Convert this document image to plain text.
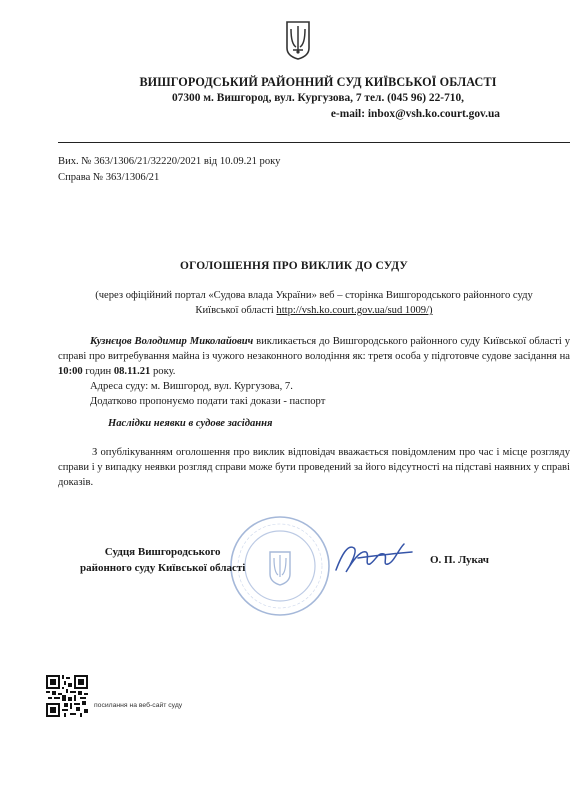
ВИШГОРОДСЬКИЙ РАЙОННИЙ СУД КИЇВСЬКОЇ ОБЛАСТІ
07300 м. Вишгород, вул. Кургузова, 7 тел. (045 96) 22-710,
e-mail: inbox@vsh.ko.court.gov.ua
Вих. № 363/1306/21/32220/2021 від 10.09.21 року
Справа № 363/1306/21
ОГОЛОШЕННЯ ПРО ВИКЛИК ДО СУДУ
(через офіційний портал «Судова влада України» веб – сторінка Вишгородського районного суду
Київської області http://vsh.ko.court.gov.ua/sud 1009/)
Кузнєцов Володимир Миколайович викликається до Вишгородського районного суду Київської області у справі про витребування майна із чужого незаконного володіння як: третя особа у підготовче судове засідання на 10:00 годин 08.11.21 року.
Адреса суду: м. Вишгород, вул. Кургузова, 7.
Додатково пропонуємо подати такі докази - паспорт
Наслідки неявки в судове засідання
З опублікуванням оголошення про виклик відповідач вважається повідомленим про час і місце розгляду справи і у випадку неявки розгляд справи може бути проведений за його відсутності на підставі наявних у справі доказів.
Судця Вишгородського
районного суду Київської області
О. П. Лукач
посилання на веб-сайт суду
